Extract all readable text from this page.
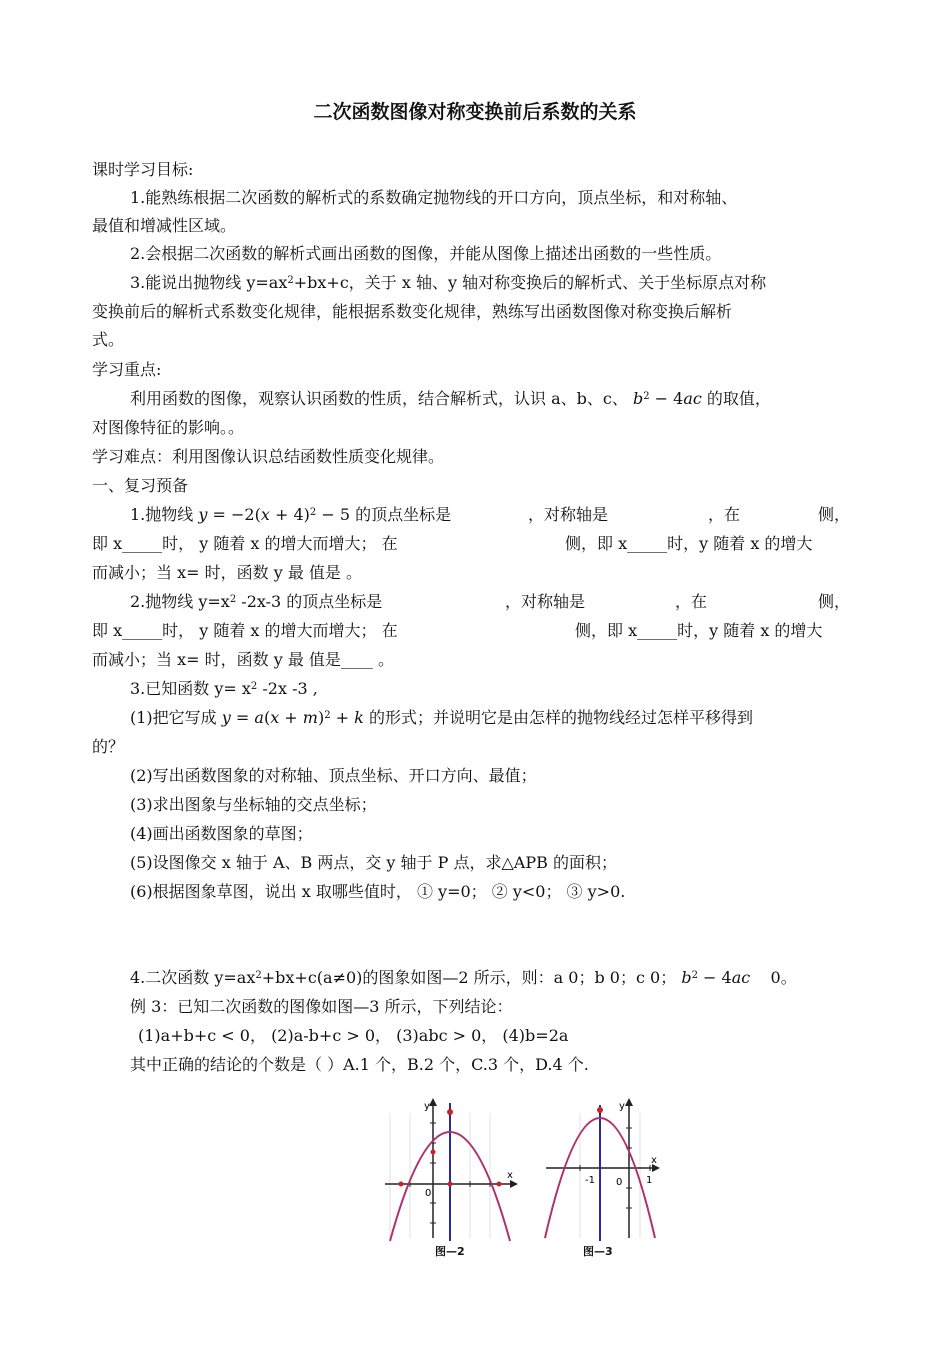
二次函数图像对称变换前后系数的关系
课时学习目标:
1.能熟练根据二次函数的解析式的系数确定抛物线的开口方向，顶点坐标，和对称轴、
最值和增减性区域。
2.会根据二次函数的解析式画出函数的图像，并能从图像上描述出函数的一些性质。
3.能说出抛物线 $y=ax^2+bx+c$，关于 x 轴、y 轴对称变换后的解析式、关于坐标原点对称
变换前后的解析式系数变化规律，能根据系数变化规律，熟练写出函数图像对称变换后解析
式。
学习重点:
利用函数的图像，观察认识函数的性质，结合解析式，认识 a、b、c、 $b^2 - 4ac$ 的取值，
对图像特征的影响。。
学习难点：利用图像认识总结函数性质变化规律。
一、复习预备
1.抛物线 $y = -2(x + 4)^2 - 5$ 的顶点坐标是	，对称轴是	，在	侧，
即 x_____时， y 随着 x 的增大而增大； 在	侧，即 x_____时，y 随着 x 的增大
而减小；当 x= 时，函数 y 最 值是 。
2.抛物线 $y=x^2$ -2x-3 的顶点坐标是	，对称轴是	，在	侧，
即 x_____时， y 随着 x 的增大而增大； 在	侧，即 x_____时，y 随着 x 的增大
而减小；当 x= 时，函数 y 最 值是____ 。
3.已知函数 $y= x^2$ -2x -3 ,
(1)把它写成 $y = a(x + m)^2 + k$ 的形式；并说明它是由怎样的抛物线经过怎样平移得到
的？
(2)写出函数图象的对称轴、顶点坐标、开口方向、最值；
(3)求出图象与坐标轴的交点坐标；
(4)画出函数图象的草图；
(5)设图像交 x 轴于 A、B 两点，交 y 轴于 P 点，求△APB 的面积；
(6)根据图象草图，说出 x 取哪些值时， ① y=0； ② y<0； ③ y>0.
4.二次函数 $y=ax^2+bx+c(a\ne 0)$的图象如图—2 所示，则：a 0；b 0；c 0； $b^2 - 4ac$ 0。
例 3：已知二次函数的图像如图—3 所示，下列结论：
(1)a+b+c < 0， (2)a-b+c > 0， (3)abc > 0， (4)b=2a
其中正确的结论的个数是（ ）A.1 个，B.2 个，C.3 个，D.4 个.
y
x
0
图—2
y
x
-1 0 1
图—3
